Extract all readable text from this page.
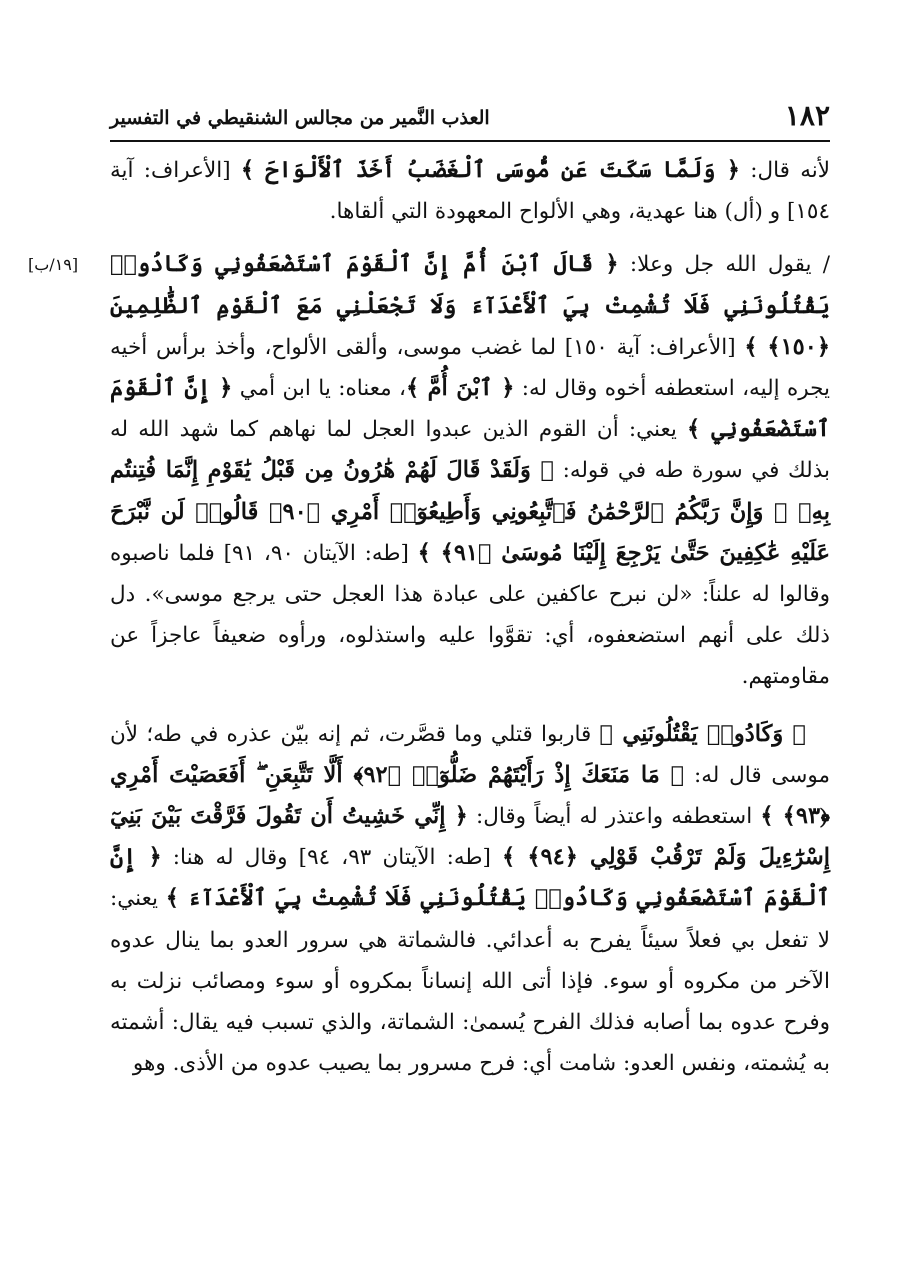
١٨٢
العذب النَّمير من مجالس الشنقيطي في التفسير

لأنه قال: ﴿ وَلَمَّا سَكَتَ عَن مُّوسَى ٱلْغَضَبُ أَخَذَ ٱلْأَلْوَاحَ ﴾ [الأعراف: آية ١٥٤] و (أل) هنا عهدية، وهي الألواح المعهودة التي ألقاها.

[١٩/ب]	/ يقول الله جل وعلا: ﴿ قَالَ ٱبْنَ أُمَّ إِنَّ ٱلْقَوْمَ ٱسْتَضْعَفُونِي وَكَادُوا۟ يَقْتُلُونَنِي فَلَا تُشْمِتْ بِيَ ٱلْأَعْدَآءَ وَلَا تَجْعَلْنِي مَعَ ٱلْقَوْمِ ٱلظَّٰلِمِينَ ﴿١٥٠﴾ ﴾ [الأعراف: آية ١٥٠] لما غضب موسى، وألقى الألواح، وأخذ برأس أخيه يجره إليه، استعطفه أخوه وقال له: ﴿ ٱبْنَ أُمَّ ﴾، معناه: يا ابن أمي ﴿ إِنَّ ٱلْقَوْمَ ٱسْتَضْعَفُونِي ﴾ يعني: أن القوم الذين عبدوا العجل لما نهاهم كما شهد الله له بذلك في سورة طه في قوله: ﴿ وَلَقَدْ قَالَ لَهُمْ هَٰرُونُ مِن قَبْلُ يَٰقَوْمِ إِنَّمَا فُتِنتُم بِهِۦ ۖ وَإِنَّ رَبَّكُمُ ٱلرَّحْمَٰنُ فَٱتَّبِعُونِي وَأَطِيعُوٓا۟ أَمْرِي ﴿٩٠﴾ قَالُوا۟ لَن نَّبْرَحَ عَلَيْهِ عَٰكِفِينَ حَتَّىٰ يَرْجِعَ إِلَيْنَا مُوسَىٰ ﴿٩١﴾ ﴾ [طه: الآيتان ٩٠، ٩١] فلما ناصبوه وقالوا له علناً: «لن نبرح عاكفين على عبادة هذا العجل حتى يرجع موسى». دل ذلك على أنهم استضعفوه، أي: تقوَّوا عليه واستذلوه، ورأوه ضعيفاً عاجزاً عن مقاومتهم.

﴿ وَكَادُوا۟ يَقْتُلُونَنِي ﴾ قاربوا قتلي وما قصَّرت، ثم إنه بيّن عذره في طه؛ لأن موسى قال له: ﴿ مَا مَنَعَكَ إِذْ رَأَيْتَهُمْ ضَلُّوٓا۟ ﴿٩٢﴾ أَلَّا تَتَّبِعَنِ ۖ أَفَعَصَيْتَ أَمْرِي ﴿٩٣﴾ ﴾ استعطفه واعتذر له أيضاً وقال: ﴿ إِنِّي خَشِيتُ أَن تَقُولَ فَرَّقْتَ بَيْنَ بَنِيٓ إِسْرَٰٓءِيلَ وَلَمْ تَرْقُبْ قَوْلِي ﴿٩٤﴾ ﴾ [طه: الآيتان ٩٣، ٩٤] وقال له هنا: ﴿ إِنَّ ٱلْقَوْمَ ٱسْتَضْعَفُونِي وَكَادُوا۟ يَقْتُلُونَنِي فَلَا تُشْمِتْ بِيَ ٱلْأَعْدَآءَ ﴾ يعني: لا تفعل بي فعلاً سيئاً يفرح به أعدائي. فالشماتة هي سرور العدو بما ينال عدوه الآخر من مكروه أو سوء. فإذا أتى الله إنساناً بمكروه أو سوء ومصائب نزلت به وفرح عدوه بما أصابه فذلك الفرح يُسمىٰ: الشماتة، والذي تسبب فيه يقال: أشمته به يُشمته، ونفس العدو: شامت أي: فرح مسرور بما يصيب عدوه من الأذى. وهو
